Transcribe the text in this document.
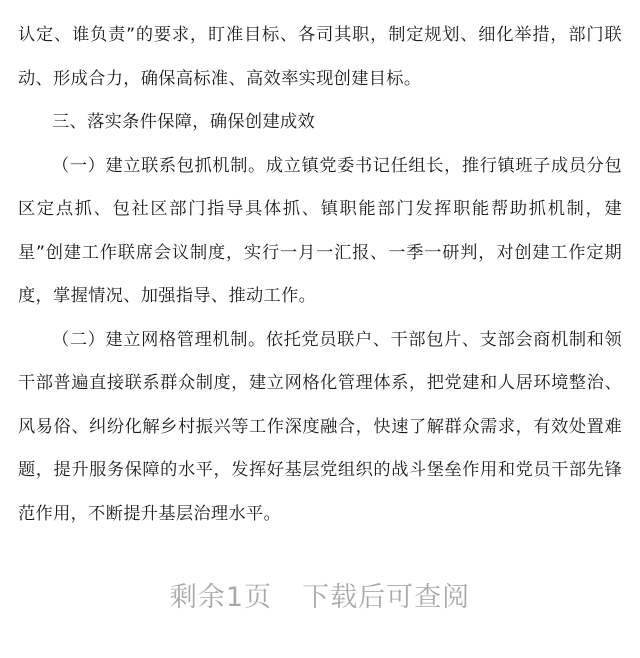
认定、谁负责”的要求，盯准目标、各司其职，制定规划、细化举措，部门联
动、形成合力，确保高标准、高效率实现创建目标。
三、落实条件保障，确保创建成效
（一）建立联系包抓机制。成立镇党委书记任组长，推行镇班子成员分包
区定点抓、包社区部门指导具体抓、镇职能部门发挥职能帮助抓机制，建
星”创建工作联席会议制度，实行一月一汇报、一季一研判，对创建工作定期
度，掌握情况、加强指导、推动工作。
（二）建立网格管理机制。依托党员联户、干部包片、支部会商机制和领
干部普遍直接联系群众制度，建立网格化管理体系，把党建和人居环境整治、
风易俗、纠纷化解乡村振兴等工作深度融合，快速了解群众需求，有效处置难
题，提升服务保障的水平，发挥好基层党组织的战斗堡垒作用和党员干部先锋
范作用，不断提升基层治理水平。
剩余1页 下载后可查阅
